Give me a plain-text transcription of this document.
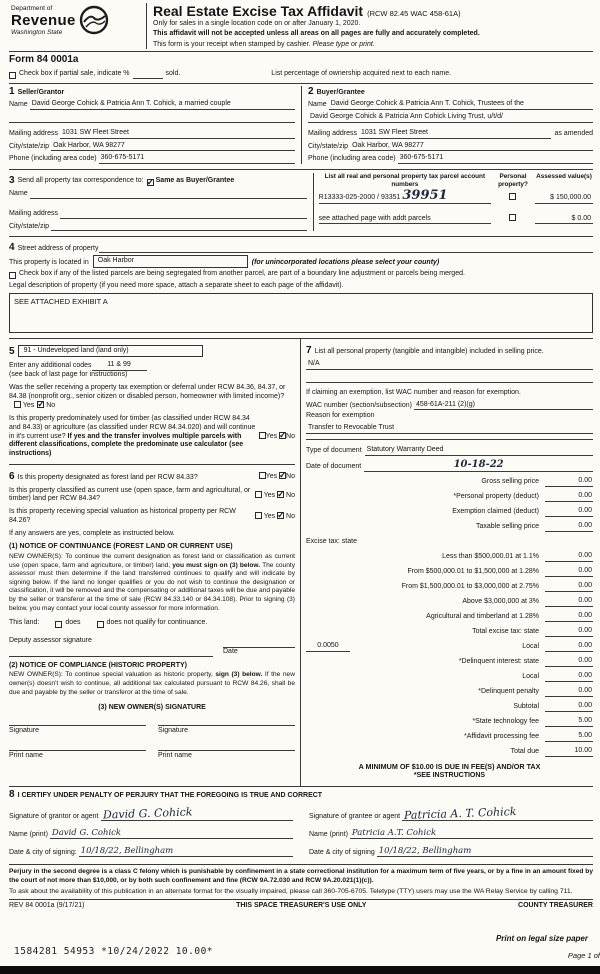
Department of
Revenue
Washington State
Real Estate Excise Tax Affidavit (RCW 82.45 WAC 458-61A)
Only for sales in a single location code on or after January 1, 2020.
This affidavit will not be accepted unless all areas on all pages are fully and accurately completed.
This form is your receipt when stamped by cashier. Please type or print.
Form 84 0001a
Check box if partial sale, indicate %	sold.	List percentage of ownership acquired next to each name.
1 Seller/Grantor
Name David George Cohick & Patricia Ann T. Cohick, a married couple

Mailing address 1031 SW Fleet Street
City/state/zip Oak Harbor, WA 98277
Phone (including area code) 360-675-5171
2 Buyer/Grantee
Name David George Cohick & Patricia Ann T. Cohick, Trustees of the
David George Cohick & Patricia Ann Cohick Living Trust, u/t/d/
Mailing address 1031 SW Fleet Street	as amended
City/state/zip Oak Harbor, WA 98277
Phone (including area code) 360-675-5171
3 Send all property tax correspondence to: ✓ Same as Buyer/Grantee
Name

Mailing address

City/state/zip

List all real and personal property tax parcel account numbers
Personal property?
Assessed value(s)
R13333-025-2000 / 93351 39951	$ 150,000.00
see attached page with addt parcels	$ 0.00
4 Street address of property

This property is located in	Oak Harbor	(for unincorporated locations please select your county)
Check box if any of the listed parcels are being segregated from another parcel, are part of a boundary line adjustment or parcels being merged.
Legal description of property (if you need more space, attach a separate sheet to each page of the affidavit).
SEE ATTACHED EXHIBIT A
5	91 - Undeveloped land (land only)
Enter any additional codes	11 & 99
(see back of last page for instructions)
Was the seller receiving a property tax exemption or deferral under RCW 84.36, 84.37, or 84.38 (nonprofit org., senior citizen or disabled person, homeowner with limited income)?  Yes ✓ No
Is this property predominately used for timber (as classified under RCW 84.34 and 84.33) or agriculture (as classified under RCW 84.34.020) and will continue in it's current use? If yes and the transfer involves multiple parcels with different classifications, complete the predominate use calculator (see instructions)
Yes ✓ No
6 Is this property designated as forest land per RCW 84.33?	Yes ✓ No
Is this property classified as current use (open space, farm and agricultural, or timber) land per RCW 84.34?
Yes ✓ No
Is this property receiving special valuation as historical property per RCW 84.26?
Yes ✓ No
If any answers are yes, complete as instructed below.
(1) NOTICE OF CONTINUANCE (FOREST LAND OR CURRENT USE)
NEW OWNER(S): To continue the current designation as forest land or classification as current use (open space, farm and agriculture, or timber) land, you must sign on (3) below. The county assessor must then determine if the land transferred continues to qualify and will indicate by signing below. If the land no longer qualifies or you do not wish to continue the designation or classification, it will be removed and the compensating or additional taxes will be due and payable by the seller or transferor at the time of sale (RCW 84.33.140 or 84.34.108). Prior to signing (3) below, you may contact your local county assessor for more information.
This land:	does	does not qualify for continuance.
Deputy assessor signature
Date
(2) NOTICE OF COMPLIANCE (HISTORIC PROPERTY)
NEW OWNER(S): To continue special valuation as historic property, sign (3) below. If the new owner(s) doesn't wish to continue, all additional tax calculated pursuant to RCW 84.26, shall be due and payable by the seller or transferor at the time of sale.
(3) NEW OWNER(S) SIGNATURE
Signature	Signature
Print name	Print name
7 List all personal property (tangible and intangible) included in selling price.
N/A

If claiming an exemption, list WAC number and reason for exemption.
WAC number (section/subsection) 458-61A-211 (2)(g)
Reason for exemption
Transfer to Revocable Trust
Type of document Statutory Warranty Deed
Date of document	10-18-22
Gross selling price	0.00
*Personal property (deduct)	0.00
Exemption claimed (deduct)	0.00
Taxable selling price	0.00
Excise tax: state
Less than $500,000.01 at 1.1%	0.00
From $500,000.01 to $1,500,000 at 1.28%	0.00
From $1,500,000.01 to $3,000,000 at 2.75%	0.00
Above $3,000,000 at 3%	0.00
Agricultural and timberland at 1.28%	0.00
Total excise tax: state	0.00
0.0050	Local	0.00
*Delinquent interest: state	0.00
Local	0.00
*Delinquent penalty	0.00
Subtotal	0.00
*State technology fee	5.00
*Affidavit processing fee	5.00
Total due	10.00
A MINIMUM OF $10.00 IS DUE IN FEE(S) AND/OR TAX
*SEE INSTRUCTIONS
8 I CERTIFY UNDER PENALTY OF PERJURY THAT THE FOREGOING IS TRUE AND CORRECT
Signature of grantor or agent David G. Cohick
Name (print) David G. Cohick
Date & city of signing: 10/18/22, Bellingham
Signature of grantee or agent Patricia A. T. Cohick
Name (print) Patricia A.T. Cohick
Date & city of signing 10/18/22, Bellingham
Perjury in the second degree is a class C felony which is punishable by confinement in a state correctional institution for a maximum term of five years, or by a fine in an amount fixed by the court of not more than $10,000, or by both such confinement and fine (RCW 9A.72.030 and RCW 9A.20.021(1)(c)).
To ask about the availability of this publication in an alternate format for the visually impaired, please call 360-705-6705. Teletype (TTY) users may use the WA Relay Service by calling 711.
REV 84 0001a (9/17/21)	THIS SPACE TREASURER'S USE ONLY	COUNTY TREASURER
1584281 54953 *10/24/2022 10.00*
Print on legal size paper
Page 1 of
